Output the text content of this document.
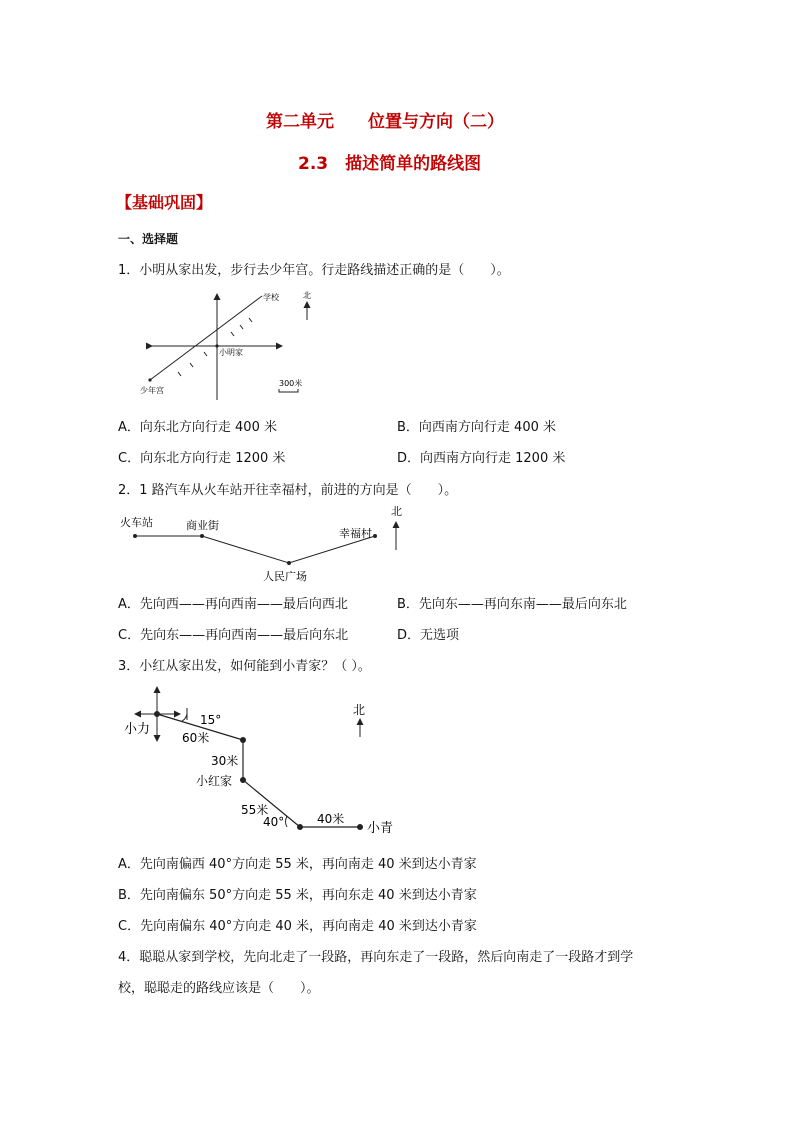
第二单元　　位置与方向（二）
2.3　描述简单的路线图
【基础巩固】
一、选择题
1．小明从家出发，步行去少年宫。行走路线描述正确的是（　　）。
学校
小明家
少年宫
北
300米
A．向东北方向行走 400 米	B．向西南方向行走 400 米
C．向东北方向行走 1200 米	D．向西南方向行走 1200 米
2．1 路汽车从火车站开往幸福村，前进的方向是（　　）。
火车站	商业街
人民广场
幸福村
北
A．先向西——再向西南——最后向西北	B．先向东——再向东南——最后向东北
C．先向东——再向西南——最后向东北	D．无选项
3．小红从家出发，如何能到小青家？（ ）。
小力
15°
60米
30米
小红家
55米
40°	40米
小青
北
A．先向南偏西 40°方向走 55 米，再向南走 40 米到达小青家
B．先向南偏东 50°方向走 55 米，再向东走 40 米到达小青家
C．先向南偏东 40°方向走 40 米，再向南走 40 米到达小青家
4．聪聪从家到学校，先向北走了一段路，再向东走了一段路，然后向南走了一段路才到学
校，聪聪走的路线应该是（　　）。
